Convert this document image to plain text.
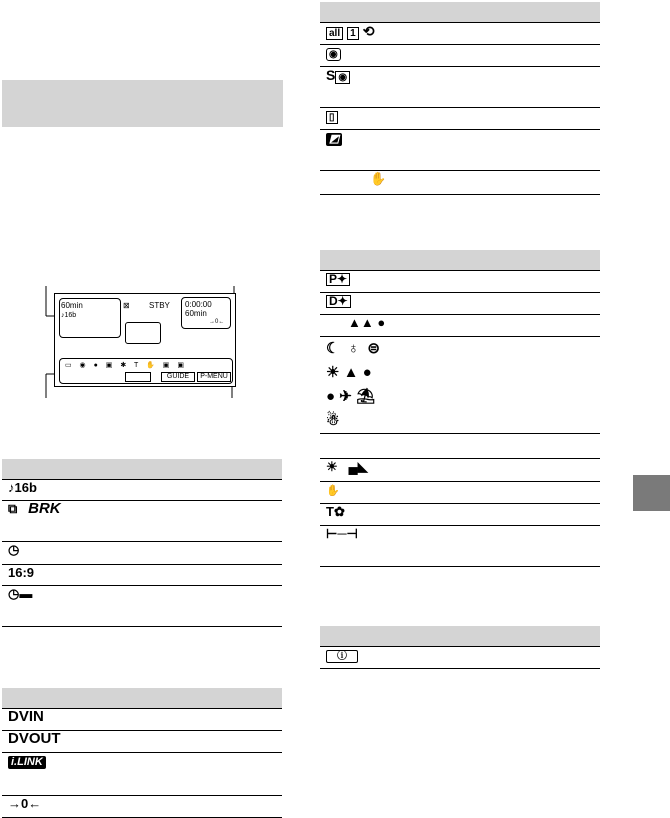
60min
♪16b
⊠ STBY 0:00:00
60min
→0←
▭ ◉ ● ▣ ✱ T ✋ ▣ ▣
GUIDE	P-MENU

♪16b
⧉ BRK
◷
16:9
◷▬

DVIN
DVOUT
i.LINK
→0←

all 1 ⟲
◉
S ◉
▯
◩
✋

P✦
D✦
▲▲ ●
☾  ♁  ⊜
☀ ▲ ●
● ✈ ⛱
☃

☀   ▄◣
✋
T✿
⊢─⊣

ⓘ
